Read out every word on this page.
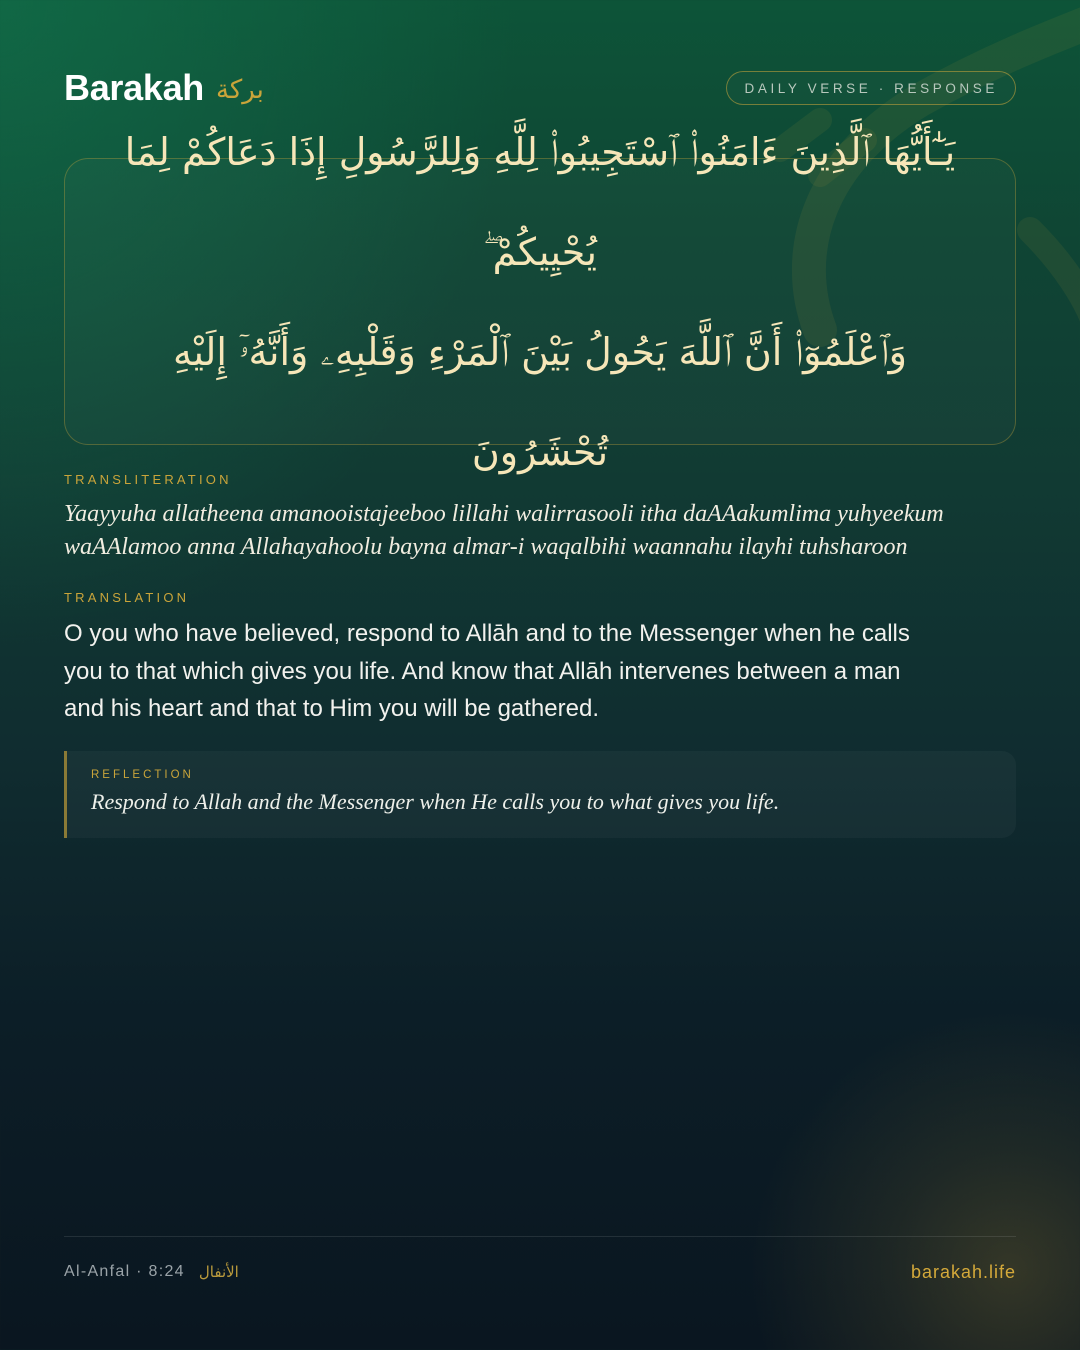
Barakah بركة	DAILY VERSE · RESPONSE
يَـٰٓأَيُّهَا ٱلَّذِينَ ءَامَنُوا۟ ٱسْتَجِيبُوا۟ لِلَّهِ وَلِلرَّسُولِ إِذَا دَعَاكُمْ لِمَا يُحْيِيكُمْ ۖ
وَٱعْلَمُوٓا۟ أَنَّ ٱللَّهَ يَحُولُ بَيْنَ ٱلْمَرْءِ وَقَلْبِهِۦ وَأَنَّهُۥٓ إِلَيْهِ تُحْشَرُونَ
TRANSLITERATION
Yaayyuha allatheena amanooistajeeboo lillahi walirrasooli itha daAAakumlima yuhyeekum
waAAlamoo anna Allahayahoolu bayna almar-i waqalbihi waannahu ilayhi tuhsharoon
TRANSLATION
O you who have believed, respond to Allāh and to the Messenger when he calls
you to that which gives you life. And know that Allāh intervenes between a man
and his heart and that to Him you will be gathered.
REFLECTION
Respond to Allah and the Messenger when He calls you to what gives you life.
Al-Anfal · 8:24 الأنفال	barakah.life
